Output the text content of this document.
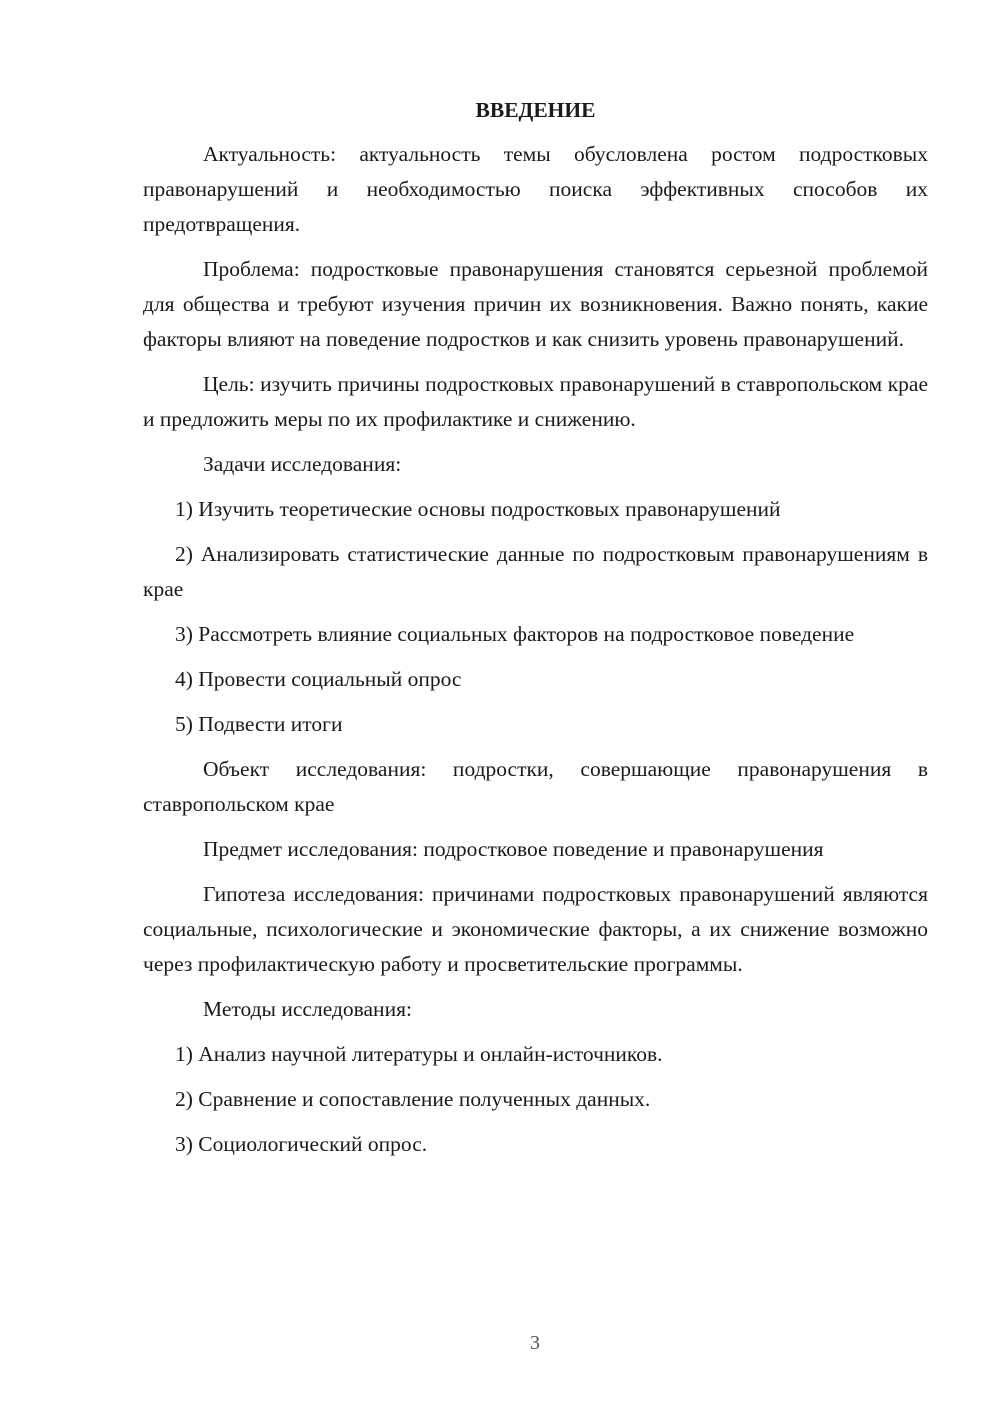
ВВЕДЕНИЕ

Актуальность: актуальность темы обусловлена ростом подростковых правонарушений и необходимостью поиска эффективных способов их предотвращения.

Проблема: подростковые правонарушения становятся серьезной проблемой для общества и требуют изучения причин их возникновения. Важно понять, какие факторы влияют на поведение подростков и как снизить уровень правонарушений.

Цель: изучить причины подростковых правонарушений в ставропольском крае и предложить меры по их профилактике и снижению.

Задачи исследования:

1) Изучить теоретические основы подростковых правонарушений

2) Анализировать статистические данные по подростковым правонарушениям в крае

3) Рассмотреть влияние социальных факторов на подростковое поведение

4) Провести социальный опрос

5) Подвести итоги

Объект исследования: подростки, совершающие правонарушения в ставропольском крае

Предмет исследования: подростковое поведение и правонарушения

Гипотеза исследования: причинами подростковых правонарушений являются социальные, психологические и экономические факторы, а их снижение возможно через профилактическую работу и просветительские программы.

Методы исследования:

1) Анализ научной литературы и онлайн-источников.

2) Сравнение и сопоставление полученных данных.

3) Социологический опрос.

3
